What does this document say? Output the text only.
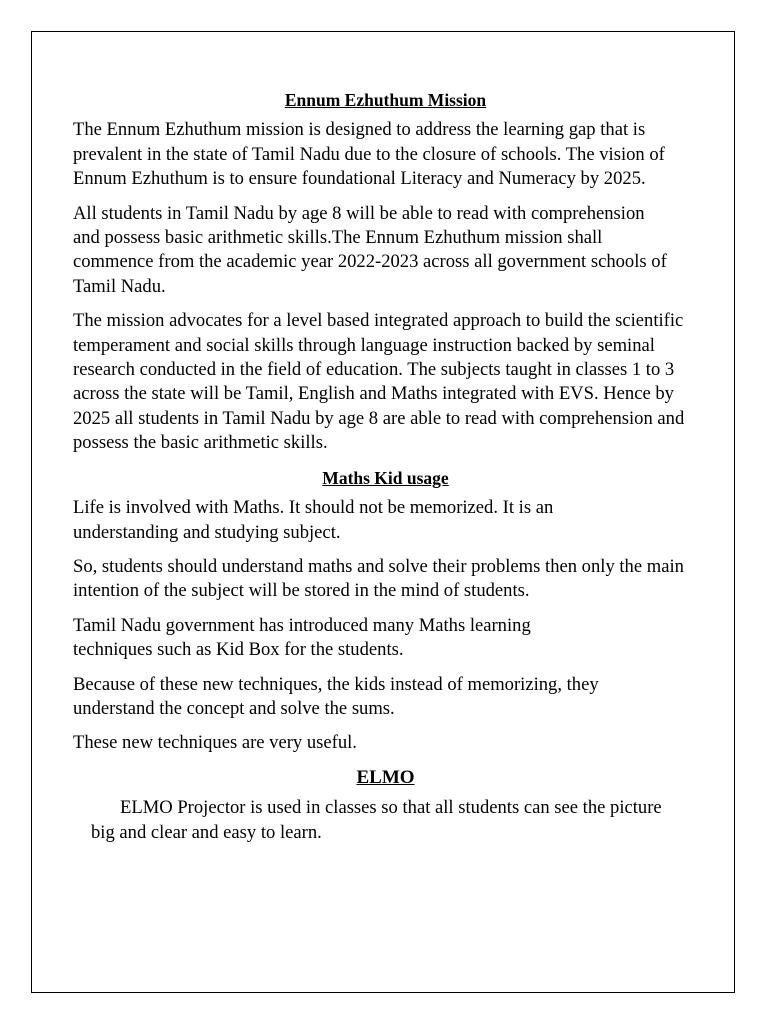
Ennum Ezhuthum Mission

The Ennum Ezhuthum mission is designed to address the learning gap that is prevalent in the state of Tamil Nadu due to the closure of schools. The vision of Ennum Ezhuthum is to ensure foundational Literacy and Numeracy by 2025.

All students in Tamil Nadu by age 8 will be able to read with comprehension and possess basic arithmetic skills.The Ennum Ezhuthum mission shall commence from the academic year 2022-2023 across all government schools of Tamil Nadu.

The mission advocates for a level based integrated approach to build the scientific temperament and social skills through language instruction backed by seminal research conducted in the field of education. The subjects taught in classes 1 to 3 across the state will be Tamil, English and Maths integrated with EVS. Hence by 2025 all students in Tamil Nadu by age 8 are able to read with comprehension and possess the basic arithmetic skills.

Maths Kid usage

Life is involved with Maths. It should not be memorized. It is an understanding and studying subject.

So, students should understand maths and solve their problems then only the main intention of the subject will be stored in the mind of students.

Tamil Nadu government has introduced many Maths learning techniques such as Kid Box for the students.

Because of these new techniques, the kids instead of memorizing, they understand the concept and solve the sums.

These new techniques are very useful.

ELMO

ELMO Projector is used in classes so that all students can see the picture big and clear and easy to learn.
